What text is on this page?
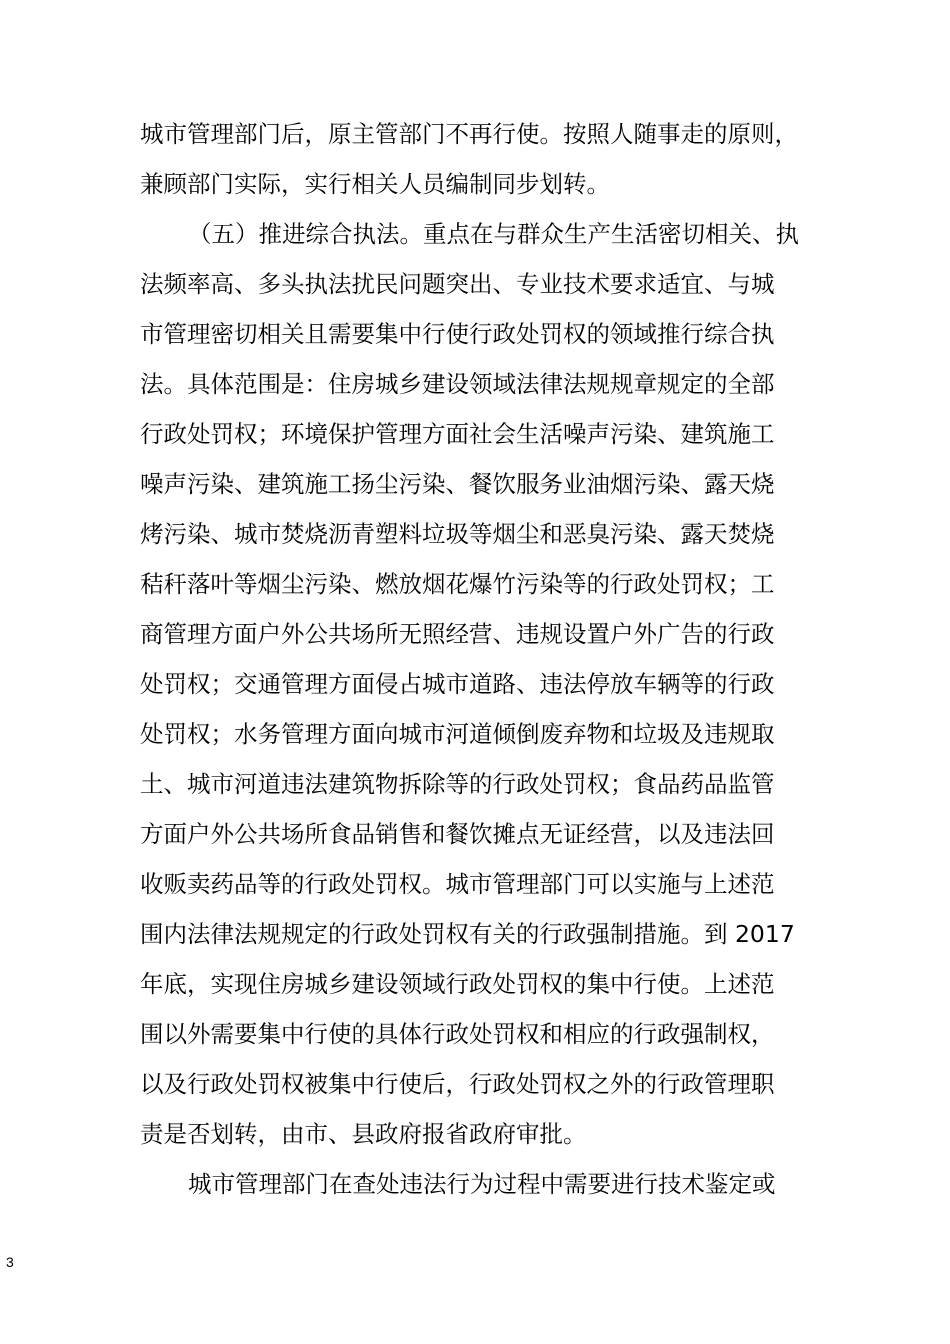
城市管理部门后，原主管部门不再行使。按照人随事走的原则，
兼顾部门实际，实行相关人员编制同步划转。
（五）推进综合执法。重点在与群众生产生活密切相关、执
法频率高、多头执法扰民问题突出、专业技术要求适宜、与城
市管理密切相关且需要集中行使行政处罚权的领域推行综合执
法。具体范围是：住房城乡建设领域法律法规规章规定的全部
行政处罚权；环境保护管理方面社会生活噪声污染、建筑施工
噪声污染、建筑施工扬尘污染、餐饮服务业油烟污染、露天烧
烤污染、城市焚烧沥青塑料垃圾等烟尘和恶臭污染、露天焚烧
秸秆落叶等烟尘污染、燃放烟花爆竹污染等的行政处罚权；工
商管理方面户外公共场所无照经营、违规设置户外广告的行政
处罚权；交通管理方面侵占城市道路、违法停放车辆等的行政
处罚权；水务管理方面向城市河道倾倒废弃物和垃圾及违规取
土、城市河道违法建筑物拆除等的行政处罚权；食品药品监管
方面户外公共场所食品销售和餐饮摊点无证经营，以及违法回
收贩卖药品等的行政处罚权。城市管理部门可以实施与上述范
围内法律法规规定的行政处罚权有关的行政强制措施。到 2017
年底，实现住房城乡建设领域行政处罚权的集中行使。上述范
围以外需要集中行使的具体行政处罚权和相应的行政强制权，
以及行政处罚权被集中行使后，行政处罚权之外的行政管理职
责是否划转，由市、县政府报省政府审批。
城市管理部门在查处违法行为过程中需要进行技术鉴定或
3
